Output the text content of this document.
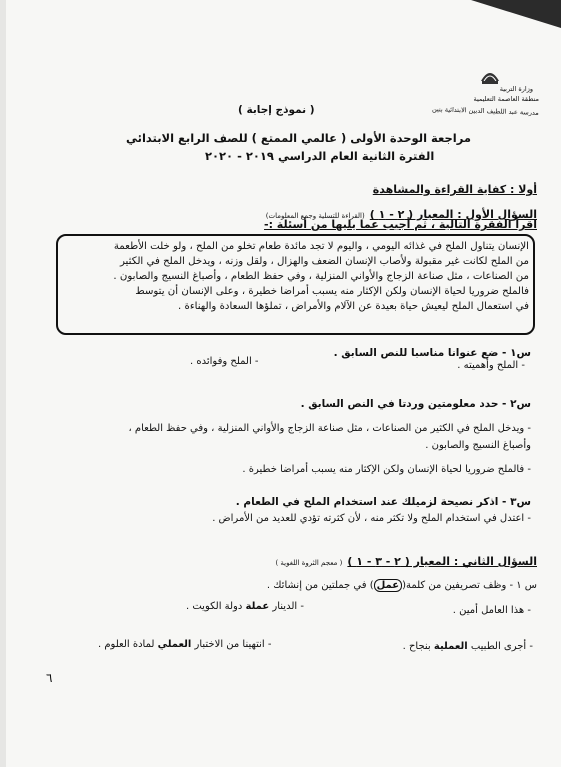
وزارة التربية
منطقة العاصمة التعليمية
مدرسة عبد اللطيف الدبين الابتدائية بنين
( نموذج إجابة )
مراجعة الوحدة الأولى ( عالمي الممتع ) للصف الرابع الابتدائي
الفترة الثانية العام الدراسي ٢٠١٩ - ٢٠٢٠
أولا : كفاية القراءة والمشاهدة
السؤال الأول : المعيار ( ٢ - ١ ) (القراءة للتسلية وجمع المعلومات)
اقرأ الفقرة التالية ، ثم أجيب عما يليها من أسئلة :-
الإنسان يتناول الملح في غذائه اليومي ، واليوم لا تجد مائدة طعام تخلو من الملح ، ولو خلت الأطعمة
من الملح لكانت غير مقبولة ولأصاب الإنسان الضعف والهزال ، ولقل وزنه ، ويدخل الملح في الكثير
من الصناعات ، مثل صناعة الزجاج والأواني المنزلية ، وفي حفظ الطعام ، وأصباغ النسيج والصابون .
فالملح ضروريا لحياة الإنسان ولكن الإكثار منه يسبب أمراضا خطيرة ، وعلى الإنسان أن يتوسط
في استعمال الملح ليعيش حياة بعيدة عن الآلام والأمراض ، تملؤها السعادة والهناءة .
س١ - ضع عنوانا مناسبا للنص السابق .
- الملح وأهميته .
- الملح وفوائده .
س٢ - حدد معلومتين وردتا في النص السابق .
- ويدخل الملح في الكثير من الصناعات ، مثل صناعة الزجاج والأواني المنزلية ، وفي حفظ الطعام ،
وأصباغ النسيج والصابون .
- فالملح ضروريا لحياة الإنسان ولكن الإكثار منه يسبب أمراضا خطيرة .
س٣ - اذكر نصيحة لزميلك عند استخدام الملح في الطعام .
- اعتدل في استخدام الملح ولا تكثر منه ، لأن كثرته تؤدي للعديد من الأمراض .
السؤال الثاني : المعيار ( ٢ - ٣ - ١ ) ( معجم الثروة اللغوية )
س ١ - وظف تصريفين من كلمة(عمل) في جملتين من إنشائك .
- هذا العامل أمين .
- الدينار عملة دولة الكويت .
- أجرى الطبيب العملية بنجاح .
- انتهينا من الاختبار العملي لمادة العلوم .
٦
